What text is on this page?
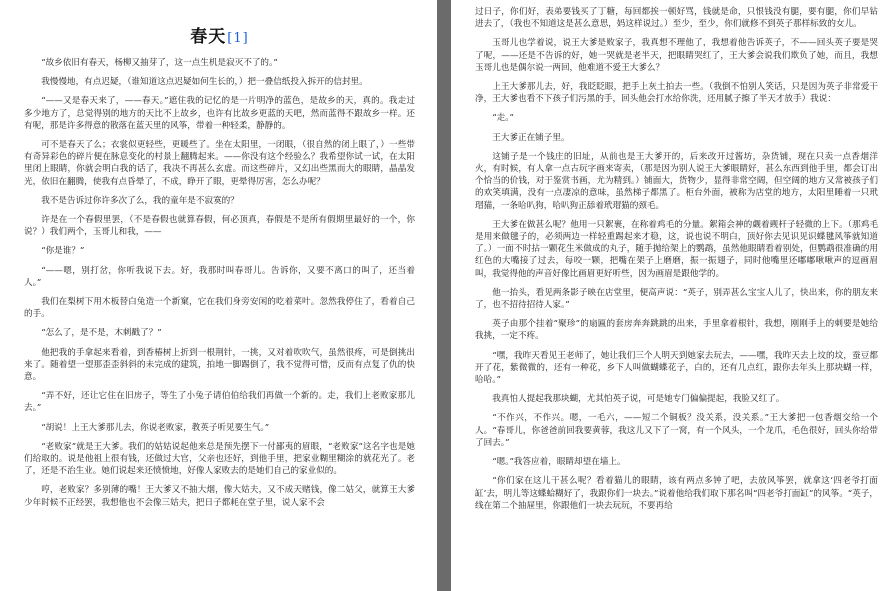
春天[1]

“故乡依旧有春天，杨柳又抽芽了，这一点生机是寂灭不了的。”

我慢慢地，有点迟疑，（谁知道这点迟疑如何生长的，）把一叠信纸投入拆开的信封里。

“——又是春天来了，——春天。”遮住我的记忆的是一片明净的蓝色，是故乡的天，真的。我走过多少地方了，总觉得别的地方的天比不上故乡，也许有比故乡更蓝的天吧，然而蓝得不跟故乡一样。还有呢，那是许多得意的散落在蓝天里的风筝，带着一种轻柔，静静的。

可不是春天了么；衣裳似更轻些，更暖些了。坐在太阳里，一闭眼，（很自然的闭上眼了，）一些带有奇异彩色的碎片便在脉息变化的村景上翻腾起来。——你没有这个经验么？我希望你试一试，在太阳里闭上眼睛，你就会明白我的话了，我决不再甚么玄虚。而这些碎片，又幻出些黑而大的眼睛，晶晶发光，依旧在翻腾，使我有点昏晕了，不成，睁开了眼，更晕得厉害，怎么办呢？

我不是告诉过你许多次了么，我的童年是不寂寞的？

许是在一个春假里罢，（不是春假也就算春假，何必顶真，春假是不是所有假期里最好的一个，你说？）我们两个，玉哥儿和我，——

“你是谁？”

“——嗯，别打岔，你听我说下去。好，我那时叫春哥儿。告诉你，又要不离口的叫了，还当着人。”

我们在梨树下用木板替白兔造一个新窠，它在我们身旁安闲的吃着菜叶。忽然我停住了，看着自己的手。

“怎么了，是不是，木刺戳了？”

他把我的手拿起来看着，到香椿树上折到一根荆针，一挑，又对着吹吹气，虽然很疼，可是倒挑出来了。随着望一望那歪歪斜斜的未完成的建筑，拍地一脚踢倒了，我不觉得可惜，反而有点复了仇的快意。

“弄不好，还让它住在旧房子，等生了小兔子请伯伯给我们再做一个新的。走，我们上老败家那儿去。”

“胡说！上王大爹那儿去，你说老败家，教英子听见要生气。”

“老败家”就是王大爹。我们的姑姑说起他来总是预先摆下一付鄙夷的眉眼，“老败家”这名字也是她们给取的。说是他祖上很有钱，还做过大官，父亲也还好，到他手里，把家业糊里糊涂的就花光了。老了，还是不治生业。她们说起来还愤愤地，好像人家败去的是她们自己的家业似的。

哼，老败家？多别薄的嘴！王大爹又不抽大烟，像大姑夫，又不成天赌钱，像二姑父，就算王大爹少年时候不正经罢，我想他也不会像三姑夫，把日子都耗在堂子里，说人家不会

过日子，你们好，表弟要钱买了丁糖，每回都挨一顿好骂，钱就是命，只恨钱没有腿，要有腿，你们早钻进去了，（我也不知道这是甚么意思，妈这样说过。）至少，至少，你们就修不到英子那样标致的女儿。

玉哥儿也学着说，说王大爹是败家子，我真想不理他了，我想着他告诉英子，不——回头英子要是哭了呢，——还是不告诉的好，她一哭就是老半天，把眼睛哭红了，王大爹会说我们欺负了她，而且，我想玉哥儿也是偶尔说一两回，他难道不爱王大爹么？

上王大爹那儿去，好，我眨眨眼，把手上灰土拍去一些。（我倒不怕别人笑话，只是因为英子非常爱干净，王大爹也看不下孩子们污黑的手，回头他会打水给你洗，还用腻子擦了半天才放手）我说：

“走。”

王大爹正在铺子里。

这铺子是一个钱庄的旧址，从前也是王大爹开的，后来改开过酱坊，杂货铺，现在只卖一点香烟洋火，有时候，有人拿一点古玩字画来寄卖，（那是因为别人说王大爹眼睛好，甚么东西到他手里，都会订出个恰当的价钱，对于鉴赏书画，尤为精到。）铺面大，货物少，显得非常空阔，但空阔的地方又常被孩子们的欢笑填满，没有一点凄凉的意味，虽然梯子都黑了。柜台外面，被称为店堂的地方，太阳里睡着一只玳瑁猫，一条哈叭狗，哈叭狗正舔着玳瑁猫的颈毛。

王大爹在做甚么呢？他用一只絮裹，在称着鸡毛的分量。絮箱会神的觑着觋杆子轻微的上下。（那鸡毛是用来做毽子的，必须两边一样轻重踢起来才稳，这，说也说不明白，顶好你去见识见识蝶毽风筝就知道了。）一面不时拈一颗花生米做成的丸子，随手抛给架上的鹦鹉，虽然他眼睛看着别处，但鹦鹉很准确的用红色的大嘴接了过去，每咬一颗，把嘴在架子上磨磨，振一振翅子，同时他嘴里还嘟嘟啾啾声的逗画眉叫，我觉得他的声音好像比画眉更好听些，因为画眉是跟他学的。

他一抬头，看见两条影子映在店堂里，便高声说：“英子，别弄甚么宝宝人儿了，快出来，你的朋友来了，也不招待招待人家。”

英子由那个挂着“聚珍”的扇匾的套房奔奔跳跳的出来，手里拿着根针，我想，刚刚手上的刺要是她给我挑，一定不疼。

“嘿，我昨天看见王老师了，她让我们三个人明天到她家去玩去，——嘿，我昨天去上坟的坟，蚕豆都开了花，紫微微的，还有一种花，乡下人叫做蝴蝶花子，白的，还有几点红，跟你去年头上那块蝴一样，哈哈。”

我真怕人提起我那块蝴，尤其怕英子说，可是她专门偏偏提起，我脸又红了。

“不作兴，不作兴。嗯，一毛六，——短二个铜板？没关系，没关系。”王大爹把一包香烟交给一个人。“春哥儿，你爸爸前回我要黄蓉，我这儿又下了一窝，有一个风头，一个龙爪，毛色很好，回头你给带了回去。”

“嗯。”我答应着，眼睛却望在墙上。

“你们家在这儿干甚么呢？看着猫儿的眼睛，该有两点多钟了吧，去放风筝罢，就拿这‘四老爷打面缸’去，明儿等这蝶蛤糊好了，我跟你们一块去。”说着他给我们取下那名叫“四老爷打面缸”的风筝。“英子，线在第二个抽屉里，你跟他们一块去玩玩，不要再给
